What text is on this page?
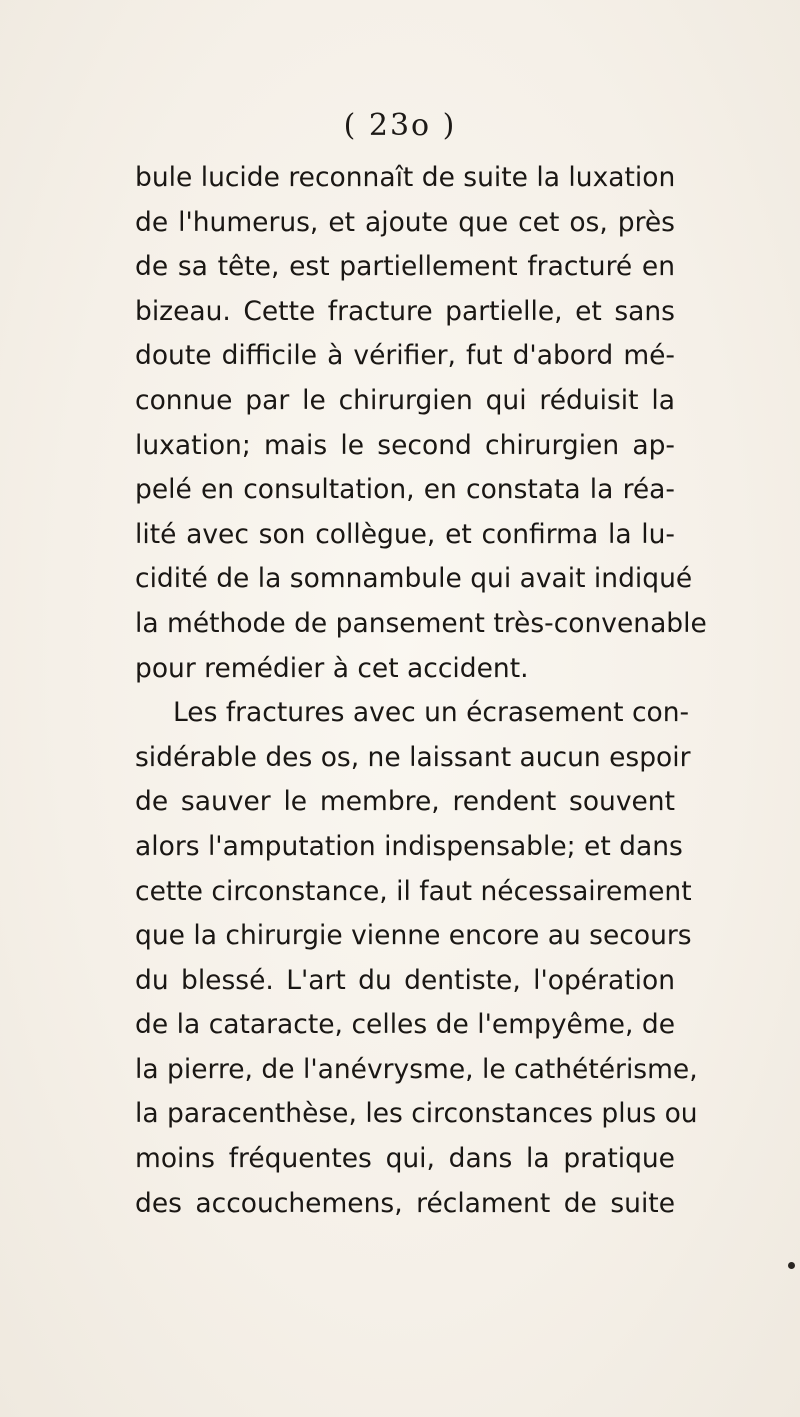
( 23o )
bule lucide reconnaît de suite la luxation
de l'humerus, et ajoute que cet os, près
de sa tête, est partiellement fracturé en
bizeau. Cette fracture partielle, et sans
doute difficile à vérifier, fut d'abord mé-
connue par le chirurgien qui réduisit la
luxation; mais le second chirurgien ap-
pelé en consultation, en constata la réa-
lité avec son collègue, et confirma la lu-
cidité de la somnambule qui avait indiqué
la méthode de pansement très-convenable
pour remédier à cet accident.
Les fractures avec un écrasement con-
sidérable des os, ne laissant aucun espoir
de sauver le membre, rendent souvent
alors l'amputation indispensable; et dans
cette circonstance, il faut nécessairement
que la chirurgie vienne encore au secours
du blessé. L'art du dentiste, l'opération
de la cataracte, celles de l'empyême, de
la pierre, de l'anévrysme, le cathétérisme,
la paracenthèse, les circonstances plus ou
moins fréquentes qui, dans la pratique
des accouchemens, réclament de suite
